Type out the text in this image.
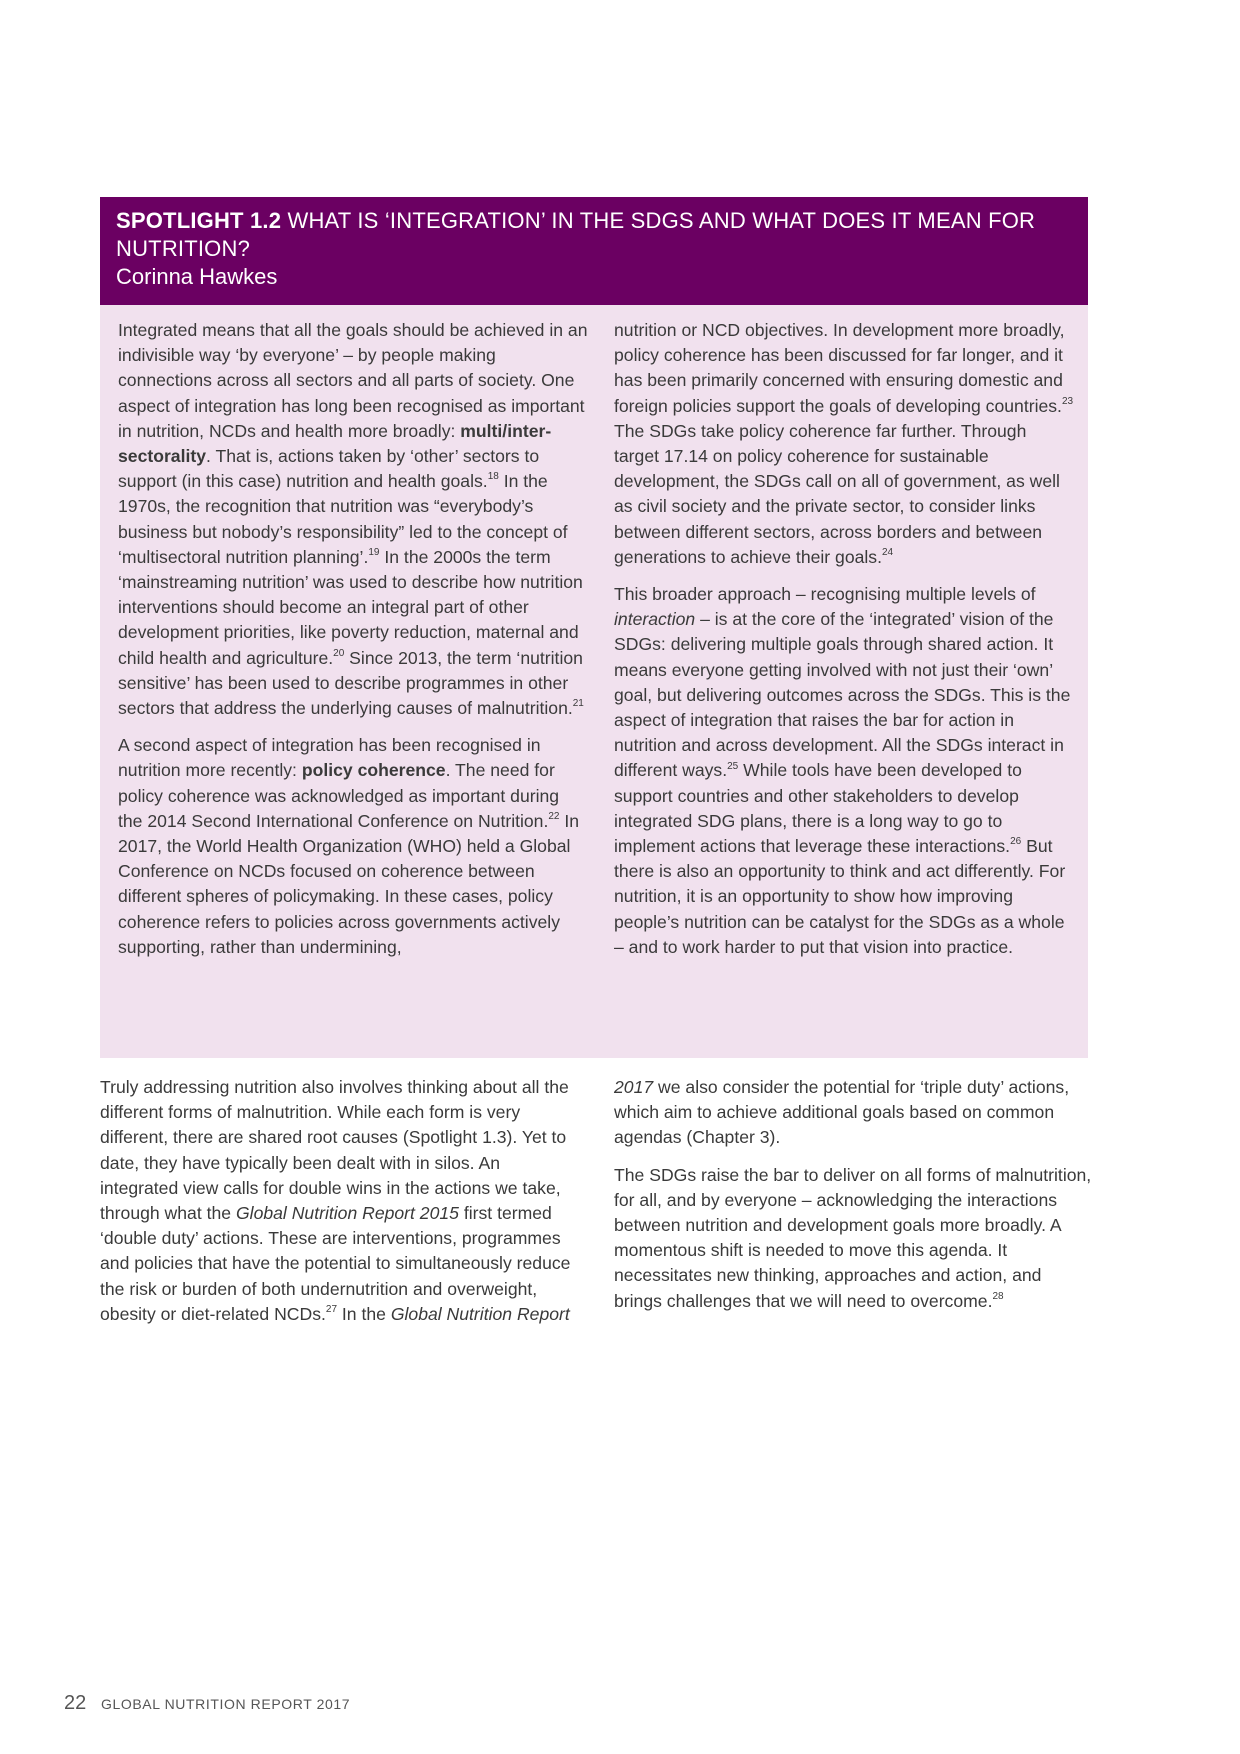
SPOTLIGHT 1.2 WHAT IS ‘INTEGRATION’ IN THE SDGS AND WHAT DOES IT MEAN FOR NUTRITION?
Corinna Hawkes

Integrated means that all the goals should be achieved in an indivisible way ‘by everyone’ – by people making connections across all sectors and all parts of society. One aspect of integration has long been recognised as important in nutrition, NCDs and health more broadly: multi/inter-sectorality. That is, actions taken by ‘other’ sectors to support (in this case) nutrition and health goals.$^{18}$ In the 1970s, the recognition that nutrition was “everybody’s business but nobody’s responsibility” led to the concept of ‘multisectoral nutrition planning’.$^{19}$ In the 2000s the term ‘mainstreaming nutrition’ was used to describe how nutrition interventions should become an integral part of other development priorities, like poverty reduction, maternal and child health and agriculture.$^{20}$ Since 2013, the term ‘nutrition sensitive’ has been used to describe programmes in other sectors that address the underlying causes of malnutrition.$^{21}$

A second aspect of integration has been recognised in nutrition more recently: policy coherence. The need for policy coherence was acknowledged as important during the 2014 Second International Conference on Nutrition.$^{22}$ In 2017, the World Health Organization (WHO) held a Global Conference on NCDs focused on coherence between different spheres of policymaking. In these cases, policy coherence refers to policies across governments actively supporting, rather than undermining,

nutrition or NCD objectives. In development more broadly, policy coherence has been discussed for far longer, and it has been primarily concerned with ensuring domestic and foreign policies support the goals of developing countries.$^{23}$ The SDGs take policy coherence far further. Through target 17.14 on policy coherence for sustainable development, the SDGs call on all of government, as well as civil society and the private sector, to consider links between different sectors, across borders and between generations to achieve their goals.$^{24}$

This broader approach – recognising multiple levels of interaction – is at the core of the ‘integrated’ vision of the SDGs: delivering multiple goals through shared action. It means everyone getting involved with not just their ‘own’ goal, but delivering outcomes across the SDGs. This is the aspect of integration that raises the bar for action in nutrition and across development. All the SDGs interact in different ways.$^{25}$ While tools have been developed to support countries and other stakeholders to develop integrated SDG plans, there is a long way to go to implement actions that leverage these interactions.$^{26}$ But there is also an opportunity to think and act differently. For nutrition, it is an opportunity to show how improving people’s nutrition can be catalyst for the SDGs as a whole – and to work harder to put that vision into practice.

Truly addressing nutrition also involves thinking about all the different forms of malnutrition. While each form is very different, there are shared root causes (Spotlight 1.3). Yet to date, they have typically been dealt with in silos. An integrated view calls for double wins in the actions we take, through what the Global Nutrition Report 2015 first termed ‘double duty’ actions. These are interventions, programmes and policies that have the potential to simultaneously reduce the risk or burden of both undernutrition and overweight, obesity or diet-related NCDs.$^{27}$ In the Global Nutrition Report

2017 we also consider the potential for ‘triple duty’ actions, which aim to achieve additional goals based on common agendas (Chapter 3).

The SDGs raise the bar to deliver on all forms of malnutrition, for all, and by everyone – acknowledging the interactions between nutrition and development goals more broadly. A momentous shift is needed to move this agenda. It necessitates new thinking, approaches and action, and brings challenges that we will need to overcome.$^{28}$

22 GLOBAL NUTRITION REPORT 2017
